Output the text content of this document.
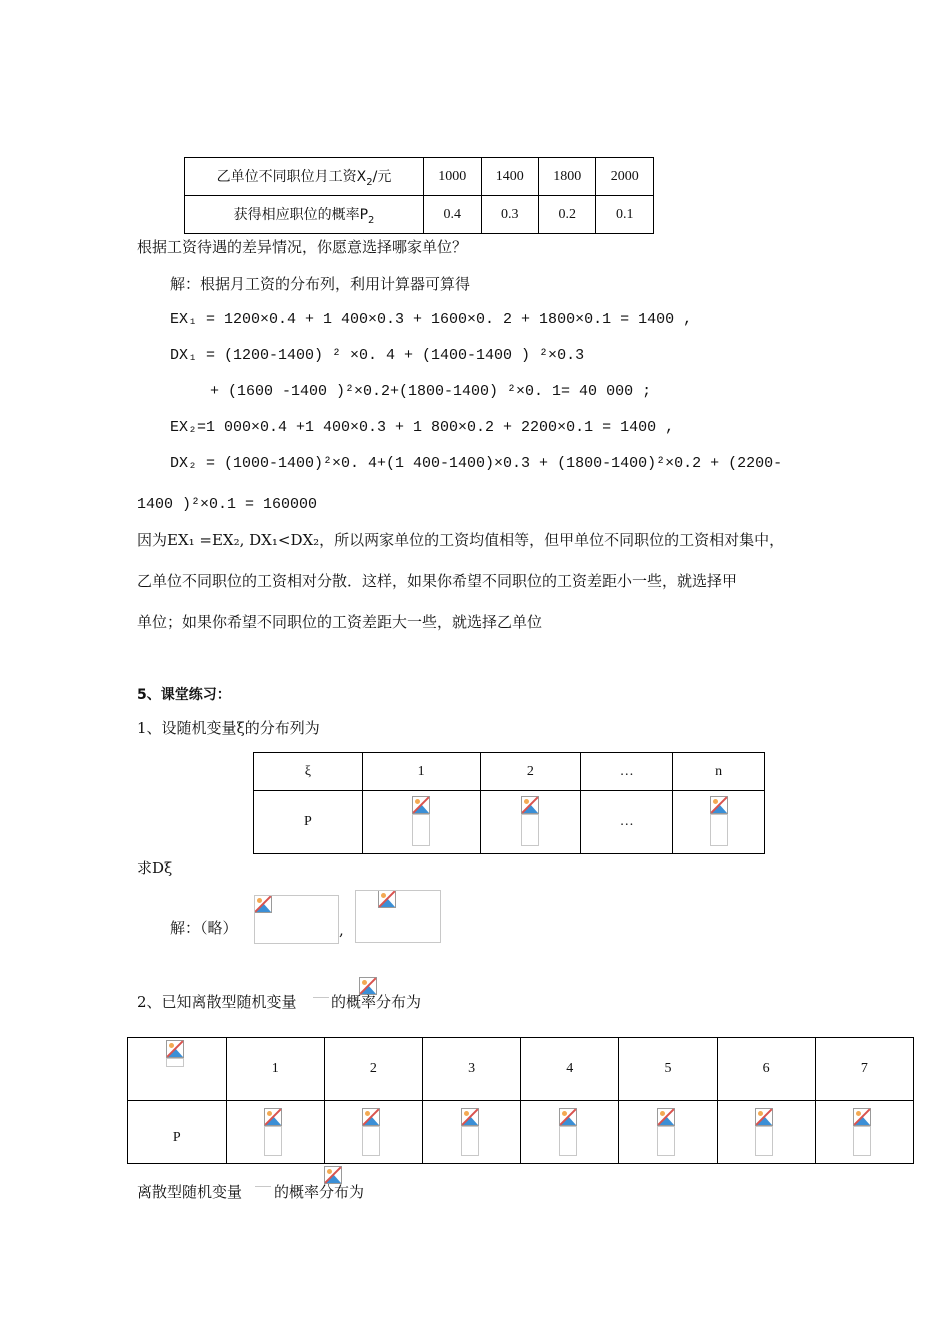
乙单位不同职位月工资$X_2/$元	1000	1400	1800	2000
获得相应职位的概率$P_2$	0.4	0.3	0.2	0.1
根据工资待遇的差异情况，你愿意选择哪家单位？
解：根据月工资的分布列，利用计算器可算得
EX₁ = 1200×0.4 + 1 400×0.3 + 1600×0. 2 + 1800×0.1 = 1400 ,
DX₁ = (1200-1400) ² ×0. 4 + (1400-1400 ) ²×0.3
+ (1600 -1400 )²×0.2+(1800-1400) ²×0. 1= 40 000 ;
EX₂=1 000×0.4 +1 400×0.3 + 1 800×0.2 + 2200×0.1 = 1400 ,
DX₂ = (1000-1400)²×0. 4+(1 400-1400)×0.3 + (1800-1400)²×0.2 + (2200-
1400 )²×0.1 = 160000
因为EX₁ =EX₂, DX₁<DX₂，所以两家单位的工资均值相等，但甲单位不同职位的工资相对集中，
乙单位不同职位的工资相对分散．这样，如果你希望不同职位的工资差距小一些，就选择甲
单位；如果你希望不同职位的工资差距大一些，就选择乙单位
5、课堂练习：
1、设随机变量ξ的分布列为
ξ	1	2	…	n
P			…	
求Dξ
解：（略）
	,

2、已知离散型随机变量
的概率分布为
	1	2	3	4	5	6	7
P	

离散型随机变量 的概率分布为
